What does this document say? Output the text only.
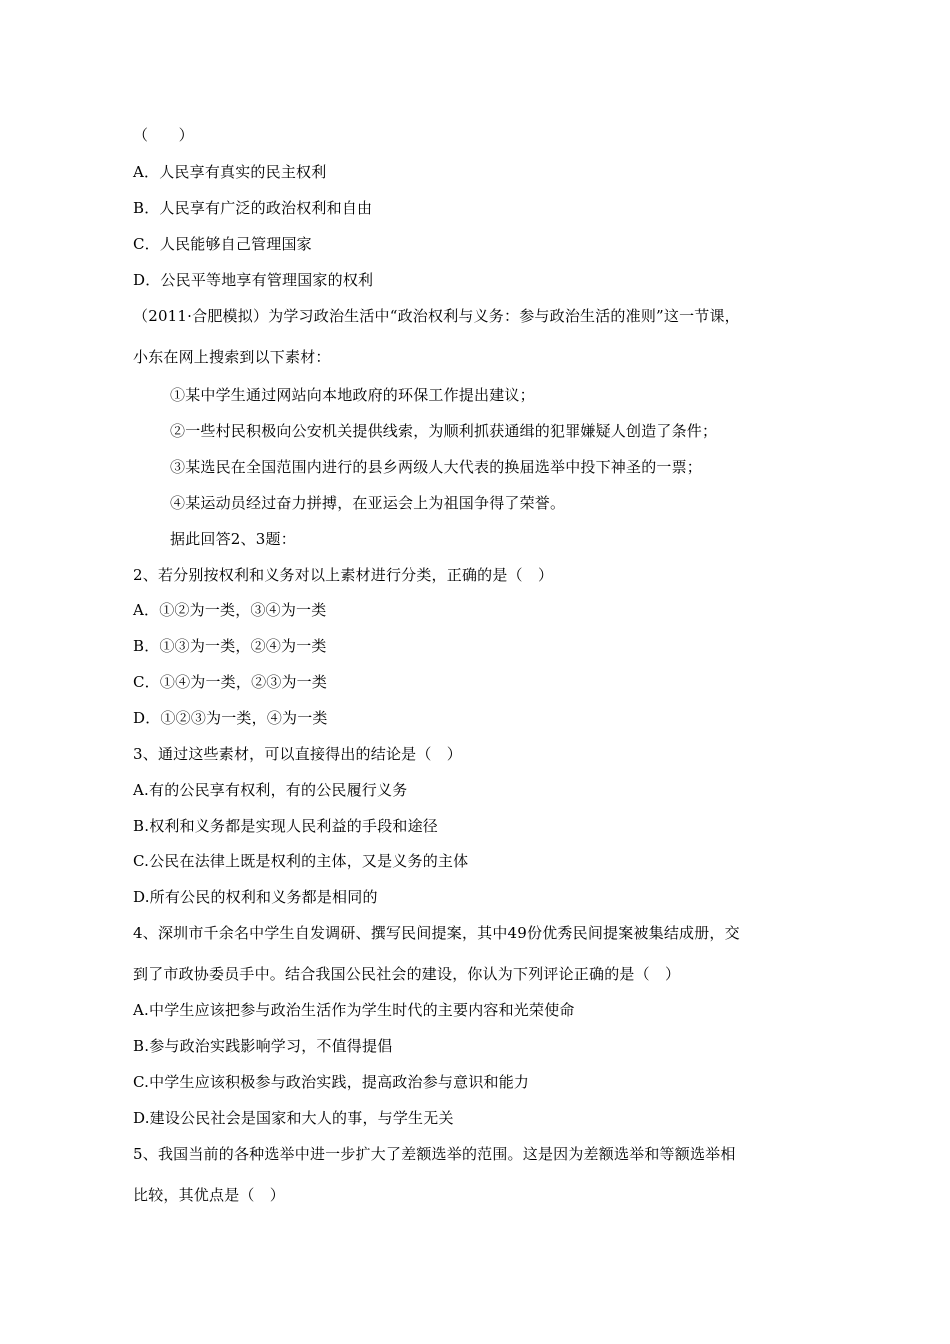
（　　）
A．人民享有真实的民主权利
B．人民享有广泛的政治权利和自由
C．人民能够自己管理国家
D．公民平等地享有管理国家的权利
（2011·合肥模拟）为学习政治生活中“政治权利与义务：参与政治生活的准则”这一节课，
小东在网上搜索到以下素材：
①某中学生通过网站向本地政府的环保工作提出建议；
②一些村民积极向公安机关提供线索，为顺利抓获通缉的犯罪嫌疑人创造了条件；
③某选民在全国范围内进行的县乡两级人大代表的换届选举中投下神圣的一票；
④某运动员经过奋力拼搏，在亚运会上为祖国争得了荣誉。
据此回答2、3题：
2、若分别按权利和义务对以上素材进行分类，正确的是（　）
A．①②为一类，③④为一类
B．①③为一类，②④为一类
C．①④为一类，②③为一类
D．①②③为一类，④为一类
3、通过这些素材，可以直接得出的结论是（　）
A.有的公民享有权利，有的公民履行义务
B.权利和义务都是实现人民利益的手段和途径
C.公民在法律上既是权利的主体，又是义务的主体
D.所有公民的权利和义务都是相同的
4、深圳市千余名中学生自发调研、撰写民间提案，其中49份优秀民间提案被集结成册，交
到了市政协委员手中。结合我国公民社会的建设，你认为下列评论正确的是（　）
A.中学生应该把参与政治生活作为学生时代的主要内容和光荣使命
B.参与政治实践影响学习，不值得提倡
C.中学生应该积极参与政治实践，提高政治参与意识和能力
D.建设公民社会是国家和大人的事，与学生无关
5、我国当前的各种选举中进一步扩大了差额选举的范围。这是因为差额选举和等额选举相
比较，其优点是（　）
